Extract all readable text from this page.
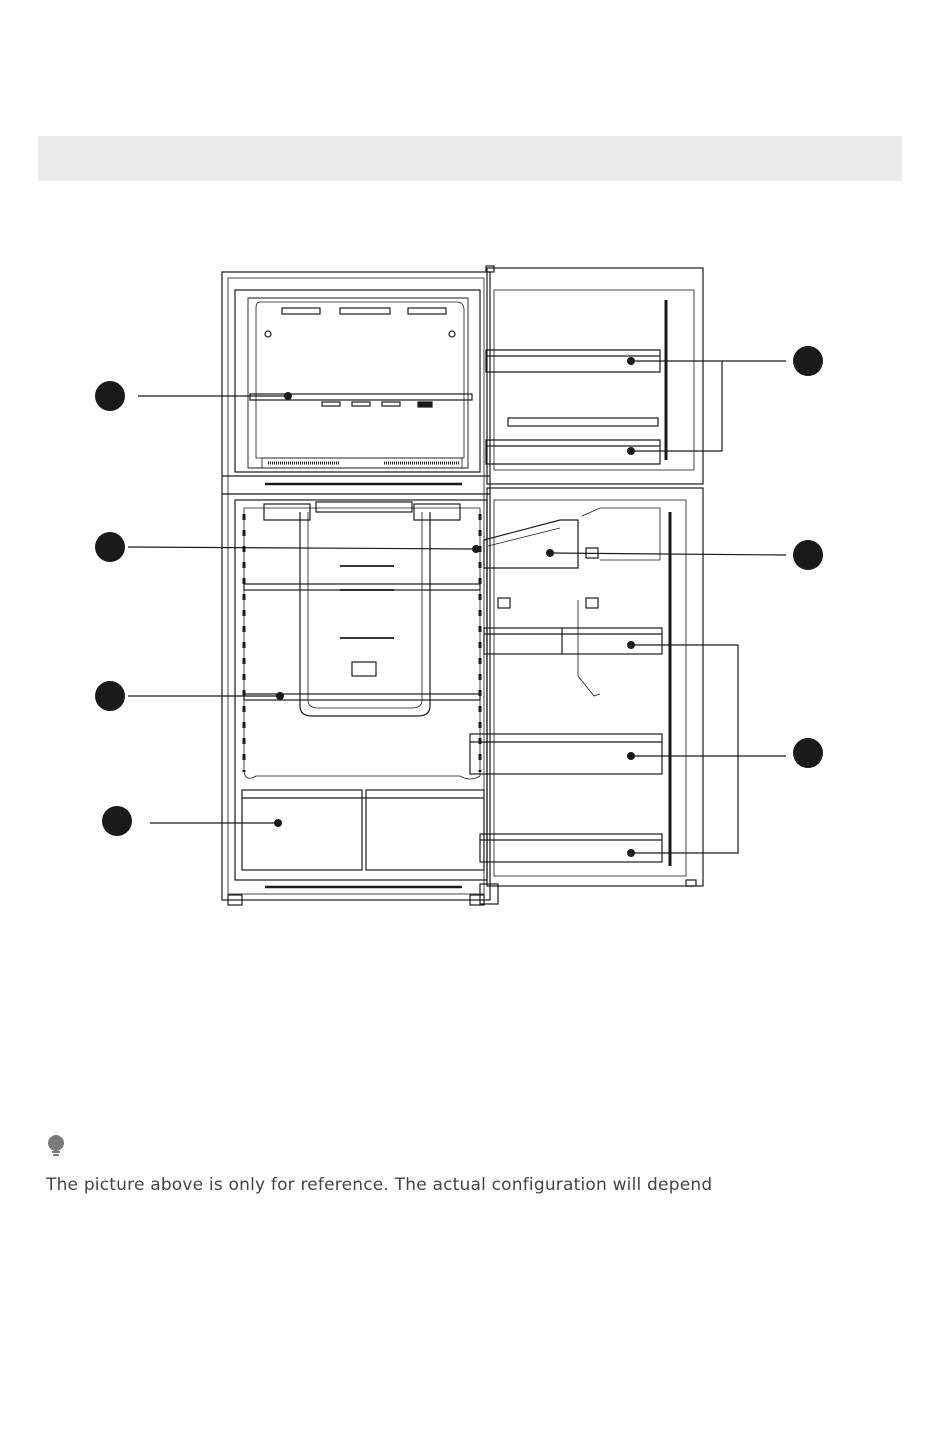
The picture above is only for reference. The actual configuration will depend
